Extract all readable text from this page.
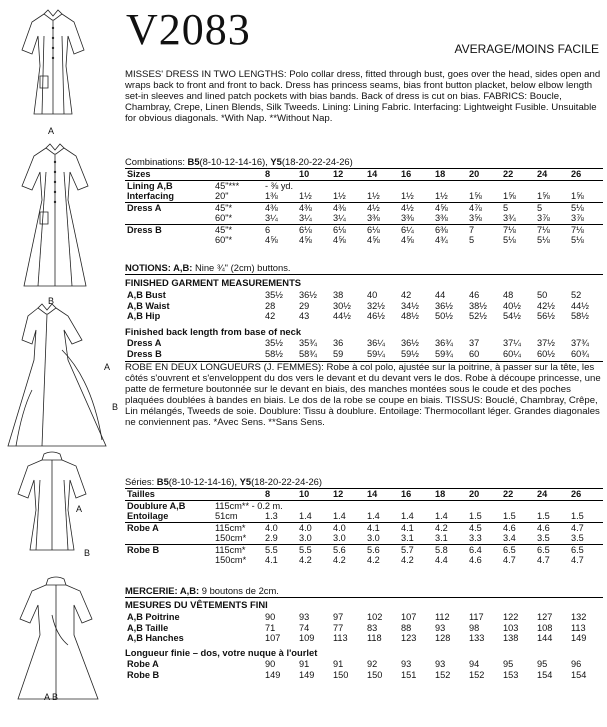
A
B
A
B
A
B
A B
V2083	AVERAGE/MOINS FACILE
MISSES' DRESS IN TWO LENGTHS: Polo collar dress, fitted through bust, goes over the head, sides open and wraps back to front and front to back. Dress has princess seams, bias front button placket, below elbow length set-in sleeves and lined patch pockets with bias bands. Back of dress is cut on bias. FABRICS: Boucle, Chambray, Crepe, Linen Blends, Silk Tweeds. Lining: Lining Fabric. Interfacing: Lightweight Fusible. Unsuitable for obvious diagonals. *With Nap. **Without Nap.
Combinations: B5(8-10-12-14-16), Y5(18-20-22-24-26)
Sizes		8	10	12	14	16	18	20	22	24	26
Lining A,B	45"***	- ⅜ yd.									
Interfacing	20"	1⅜	1½	1½	1½	1½	1½	1⅝	1⅝	1⅝	1⅝
Dress A	45"*	4⅜	4⅜	4⅜	4½	4½	4⅝	4⅞	5	5	5⅛
	60"*	3¼	3¼	3¼	3⅜	3⅜	3⅜	3⅝	3¾	3⅞	3⅞
Dress B	45"*	6	6⅛	6⅛	6⅛	6¼	6⅜	7	7⅛	7⅛	7⅛
	60"*	4⅝	4⅝	4⅝	4⅝	4⅝	4¾	5	5⅛	5⅛	5⅛
NOTIONS: A,B: Nine ¾" (2cm) buttons.
FINISHED GARMENT MEASUREMENTS
A,B Bust	35½	36½	38	40	42	44	46	48	50	52
A,B Waist	28	29	30½	32½	34½	36½	38½	40½	42½	44½
A,B Hip	42	43	44½	46½	48½	50½	52½	54½	56½	58½
Finished back length from base of neck
Dress A	35½	35¾	36	36¼	36½	36¾	37	37¼	37½	37¾
Dress B	58½	58¾	59	59¼	59½	59¾	60	60¼	60½	60¾
ROBE EN DEUX LONGUEURS (J. FEMMES): Robe à col polo, ajustée sur la poitrine, à passer sur la tête, les côtés s'ouvrent et s'enveloppent du dos vers le devant et du devant vers le dos. Robe à découpe princesse, une patte de fermeture boutonnée sur le devant en biais, des manches montées sous le coude et des poches plaquées doublées à bandes en biais. Le dos de la robe se coupe en biais. TISSUS: Bouclé, Chambray, Crêpe, Lin mélangés, Tweeds de soie. Doublure: Tissu à doublure. Entoilage: Thermocollant léger. Grandes diagonales ne conviennent pas. *Avec Sens. **Sans Sens.
Séries: B5(8-10-12-14-16), Y5(18-20-22-24-26)
Tailles		8	10	12	14	16	18	20	22	24	26
Doublure A,B	115cm** - 0.2 m.										
Entoilage	51cm	1.3	1.4	1.4	1.4	1.4	1.4	1.5	1.5	1.5	1.5
Robe A	115cm*	4.0	4.0	4.0	4.1	4.1	4.2	4.5	4.6	4.6	4.7
	150cm*	2.9	3.0	3.0	3.0	3.1	3.1	3.3	3.4	3.5	3.5
Robe B	115cm*	5.5	5.5	5.6	5.6	5.7	5.8	6.4	6.5	6.5	6.5
	150cm*	4.1	4.2	4.2	4.2	4.2	4.4	4.6	4.7	4.7	4.7
MERCERIE: A,B: 9 boutons de 2cm.
MESURES DU VÊTEMENTS FINI
A,B Poitrine	90	93	97	102	107	112	117	122	127	132
A,B Taille	71	74	77	83	88	93	98	103	108	113
A,B Hanches	107	109	113	118	123	128	133	138	144	149
Longueur finie – dos, votre nuque à l'ourlet
Robe A	90	91	91	92	93	93	94	95	95	96
Robe B	149	149	150	150	151	152	152	153	154	154
